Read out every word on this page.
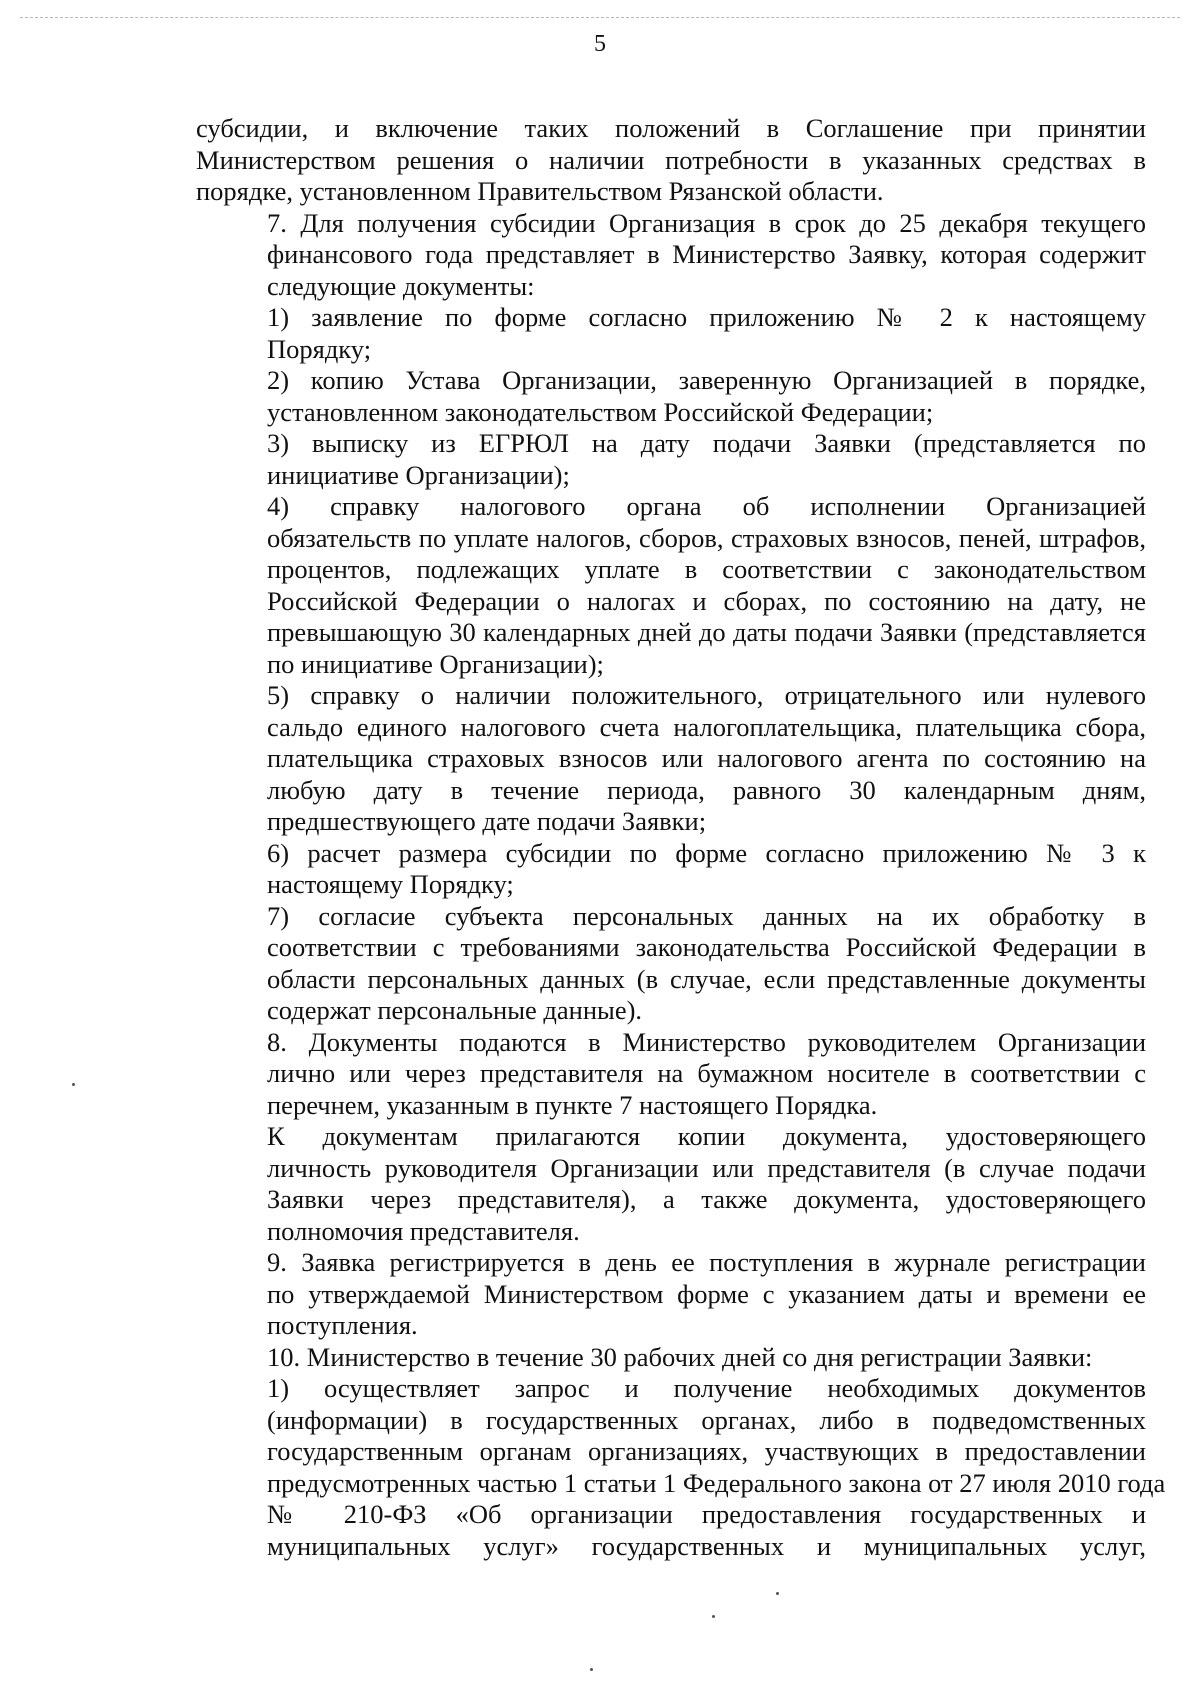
5

субсидии, и включение таких положений в Соглашение при принятии
Министерством решения о наличии потребности в указанных средствах в
порядке, установленном Правительством Рязанской области.

7. Для получения субсидии Организация в срок до 25 декабря текущего
финансового года представляет в Министерство Заявку, которая содержит
следующие документы:

1) заявление по форме согласно приложению № 2 к настоящему
Порядку;

2) копию Устава Организации, заверенную Организацией в порядке,
установленном законодательством Российской Федерации;

3) выписку из ЕГРЮЛ на дату подачи Заявки (представляется по
инициативе Организации);

4) справку налогового органа об исполнении Организацией
обязательств по уплате налогов, сборов, страховых взносов, пеней, штрафов,
процентов, подлежащих уплате в соответствии с законодательством
Российской Федерации о налогах и сборах, по состоянию на дату, не
превышающую 30 календарных дней до даты подачи Заявки (представляется
по инициативе Организации);

5) справку о наличии положительного, отрицательного или нулевого
сальдо единого налогового счета налогоплательщика, плательщика сбора,
плательщика страховых взносов или налогового агента по состоянию на
любую дату в течение периода, равного 30 календарным дням,
предшествующего дате подачи Заявки;

6) расчет размера субсидии по форме согласно приложению № 3 к
настоящему Порядку;

7) согласие субъекта персональных данных на их обработку в
соответствии с требованиями законодательства Российской Федерации в
области персональных данных (в случае, если представленные документы
содержат персональные данные).

8. Документы подаются в Министерство руководителем Организации
лично или через представителя на бумажном носителе в соответствии с
перечнем, указанным в пункте 7 настоящего Порядка.

К документам прилагаются копии документа, удостоверяющего
личность руководителя Организации или представителя (в случае подачи
Заявки через представителя), а также документа, удостоверяющего
полномочия представителя.

9. Заявка регистрируется в день ее поступления в журнале регистрации
по утверждаемой Министерством форме с указанием даты и времени ее
поступления.

10. Министерство в течение 30 рабочих дней со дня регистрации Заявки:

1) осуществляет запрос и получение необходимых документов
(информации) в государственных органах, либо в подведомственных
государственным органам организациях, участвующих в предоставлении
предусмотренных частью 1 статьи 1 Федерального закона от 27 июля 2010 года
№ 210-ФЗ «Об организации предоставления государственных и
муниципальных услуг» государственных и муниципальных услуг,
